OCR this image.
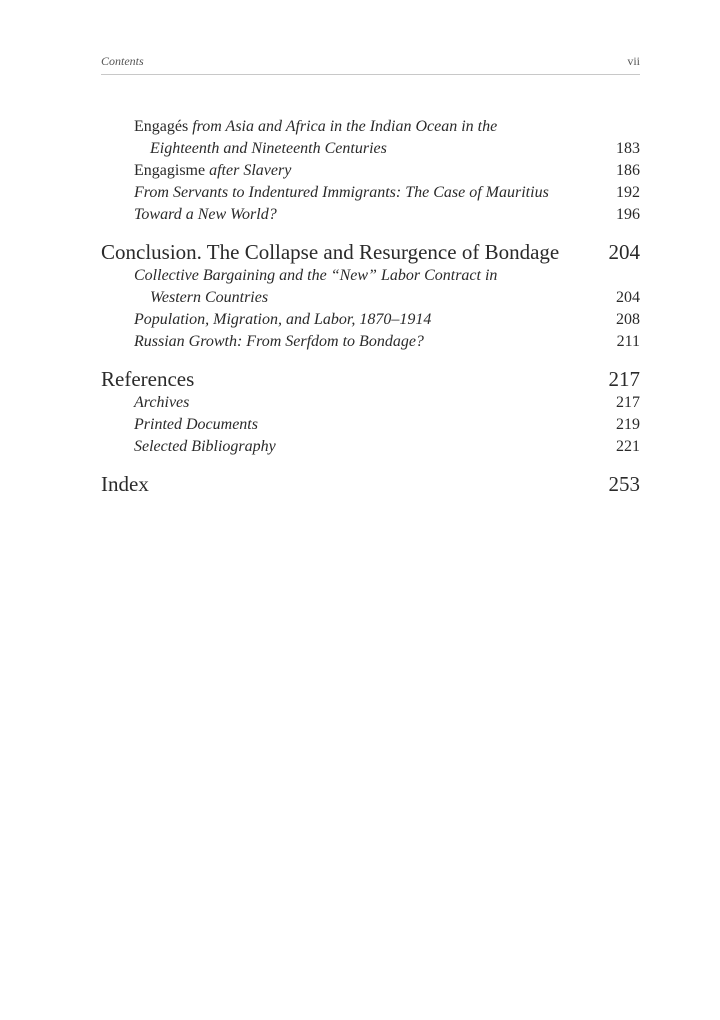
Contents	vii
Engagés from Asia and Africa in the Indian Ocean in the
Eighteenth and Nineteenth Centuries	183
Engagisme after Slavery	186
From Servants to Indentured Immigrants: The Case of Mauritius	192
Toward a New World?	196
Conclusion. The Collapse and Resurgence of Bondage	204
Collective Bargaining and the “New” Labor Contract in
Western Countries	204
Population, Migration, and Labor, 1870–1914	208
Russian Growth: From Serfdom to Bondage?	211
References	217
Archives	217
Printed Documents	219
Selected Bibliography	221
Index	253
